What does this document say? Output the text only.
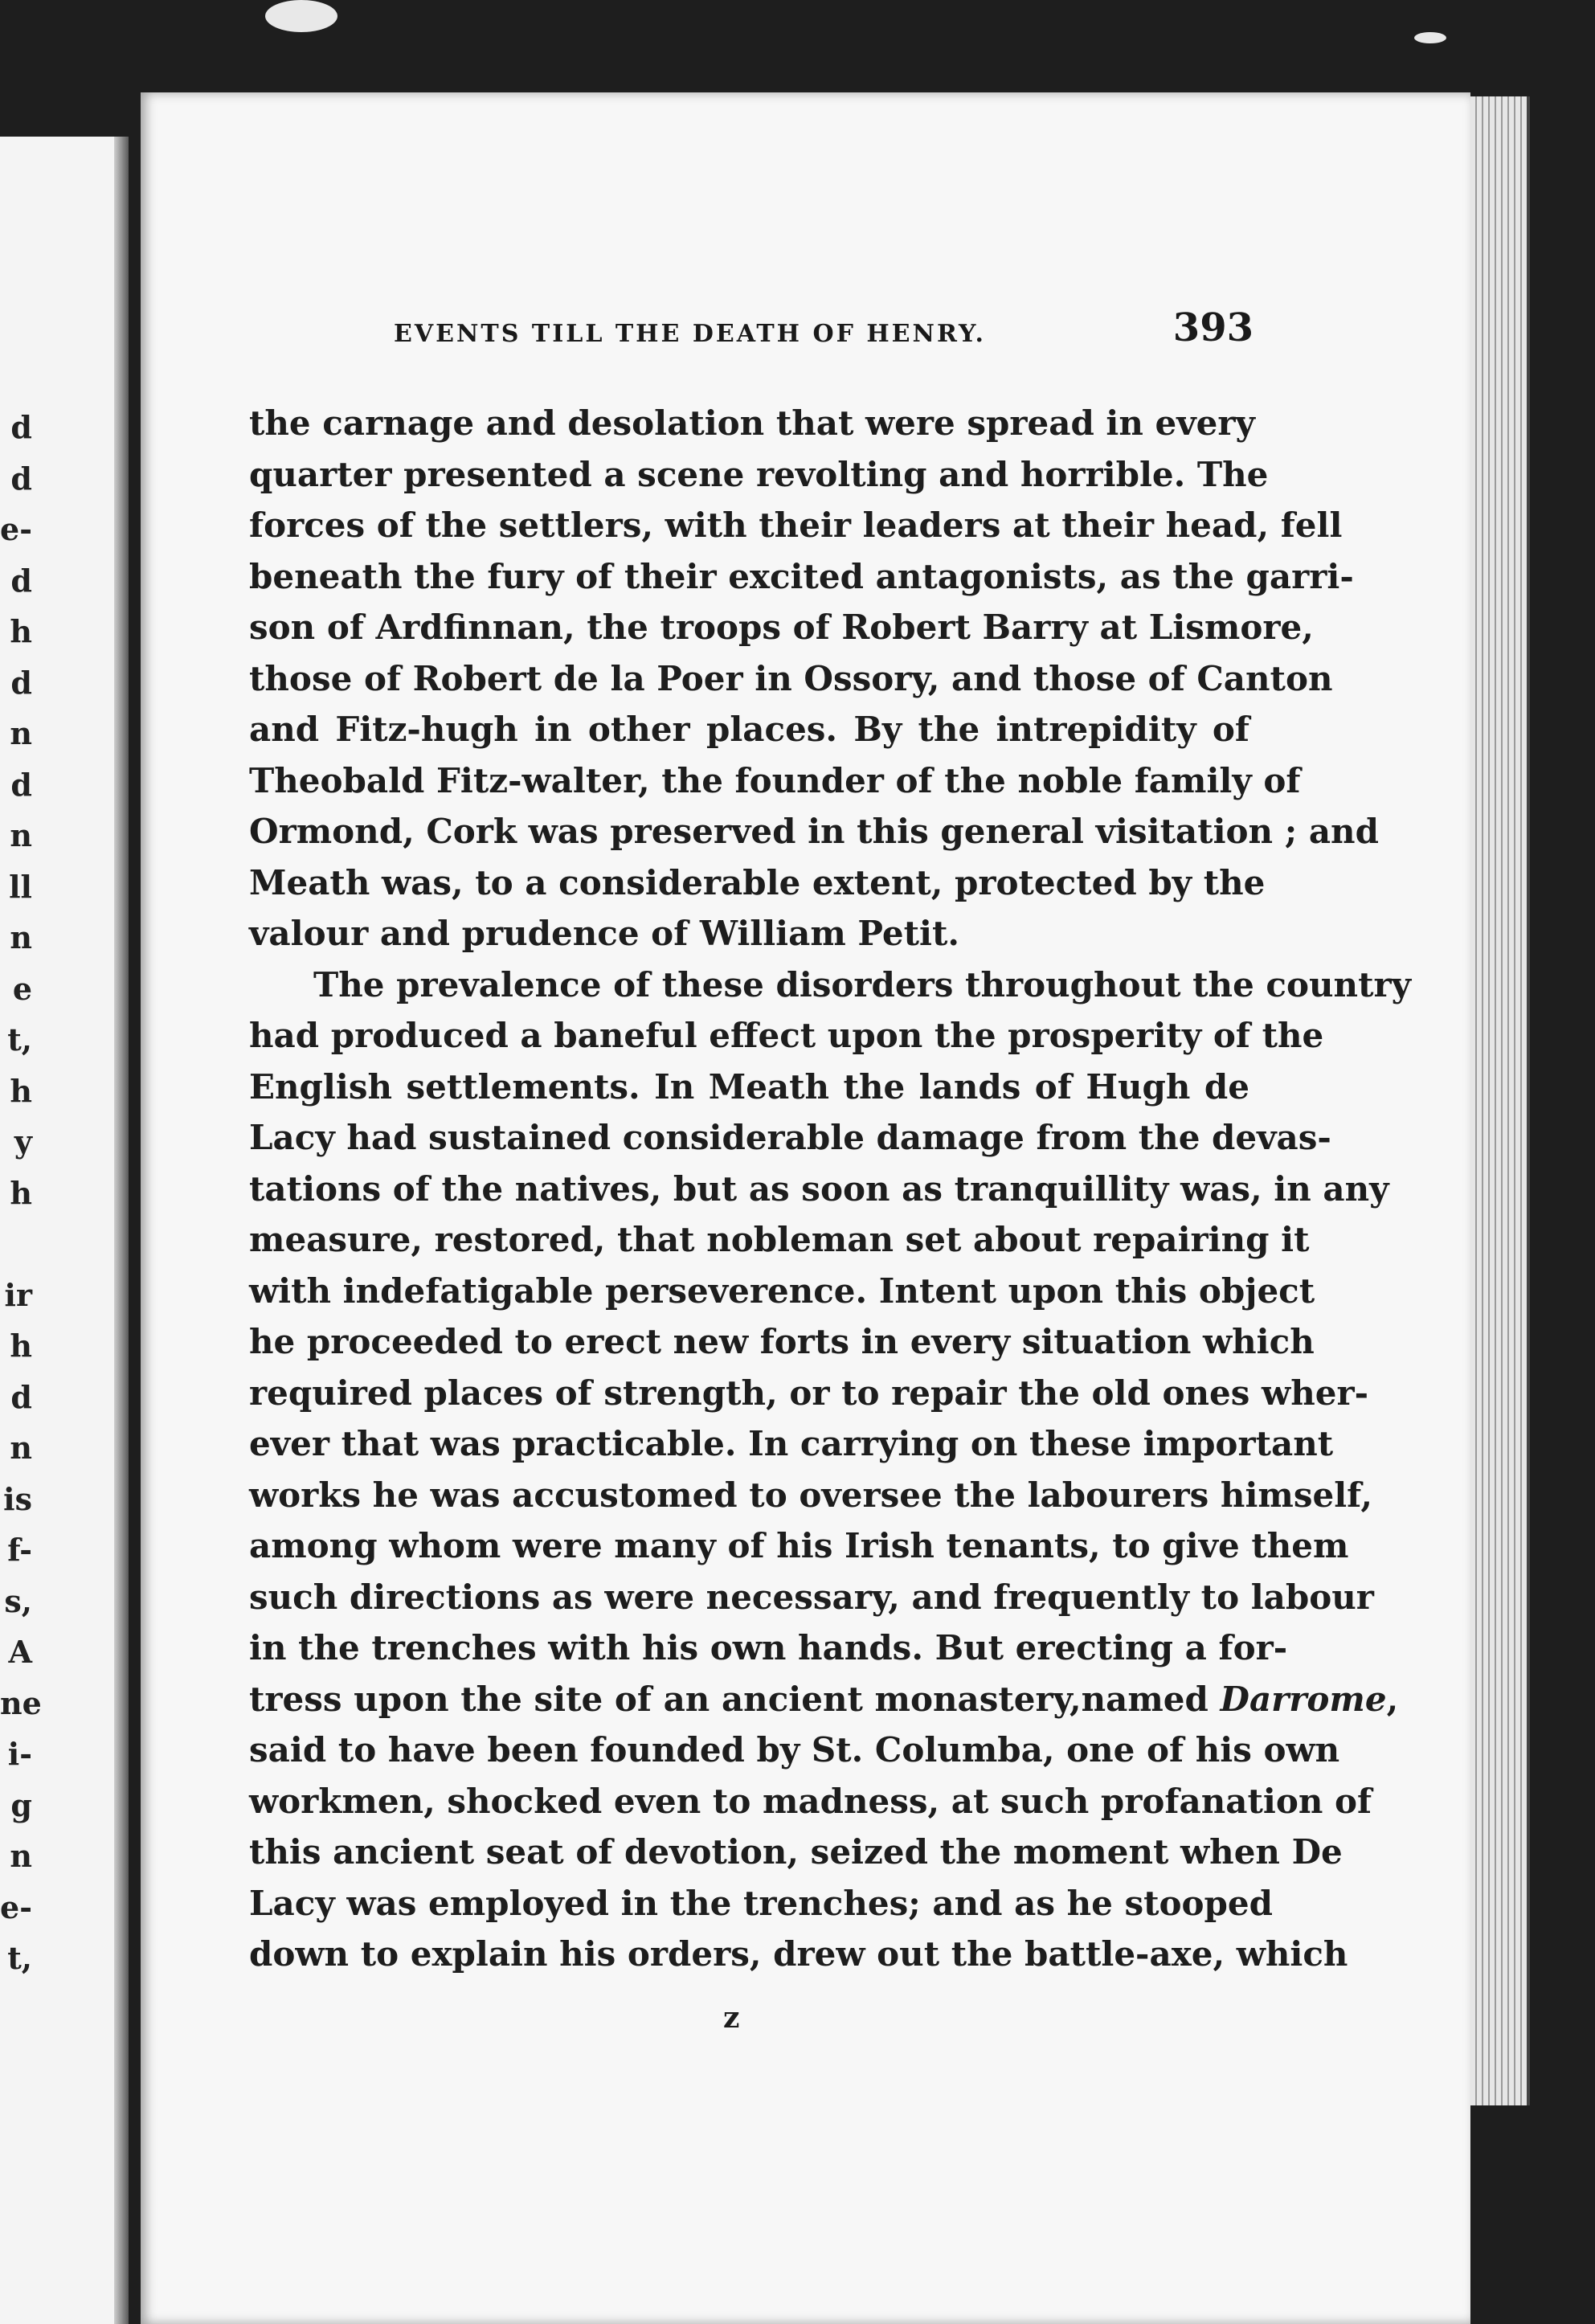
d
d
e-
d
h
d
n
d
n
ll
n
e
t,
h
y
h
ir
h
d
n
is
f-
s,
A
ne
i-
g
n
e-
t,
EVENTS TILL THE DEATH OF HENRY.	393
the carnage and desolation that were spread in every
quarter presented a scene revolting and horrible. The
forces of the settlers, with their leaders at their head, fell
beneath the fury of their excited antagonists, as the garri-
son of Ardfinnan, the troops of Robert Barry at Lismore,
those of Robert de la Poer in Ossory, and those of Canton
and Fitz-hugh in other places. By the intrepidity of
Theobald Fitz-walter, the founder of the noble family of
Ormond, Cork was preserved in this general visitation ; and
Meath was, to a considerable extent, protected by the
valour and prudence of William Petit.
The prevalence of these disorders throughout the country
had produced a baneful effect upon the prosperity of the
English settlements. In Meath the lands of Hugh de
Lacy had sustained considerable damage from the devas-
tations of the natives, but as soon as tranquillity was, in any
measure, restored, that nobleman set about repairing it
with indefatigable perseverence. Intent upon this object
he proceeded to erect new forts in every situation which
required places of strength, or to repair the old ones wher-
ever that was practicable. In carrying on these important
works he was accustomed to oversee the labourers himself,
among whom were many of his Irish tenants, to give them
such directions as were necessary, and frequently to labour
in the trenches with his own hands. But erecting a for-
tress upon the site of an ancient monastery,named Darrome
said to have been founded by St. Columba, one of his own
workmen, shocked even to madness, at such profanation of
this ancient seat of devotion, seized the moment when De
Lacy was employed in the trenches; and as he stooped
down to explain his orders, drew out the battle-axe, which
z
